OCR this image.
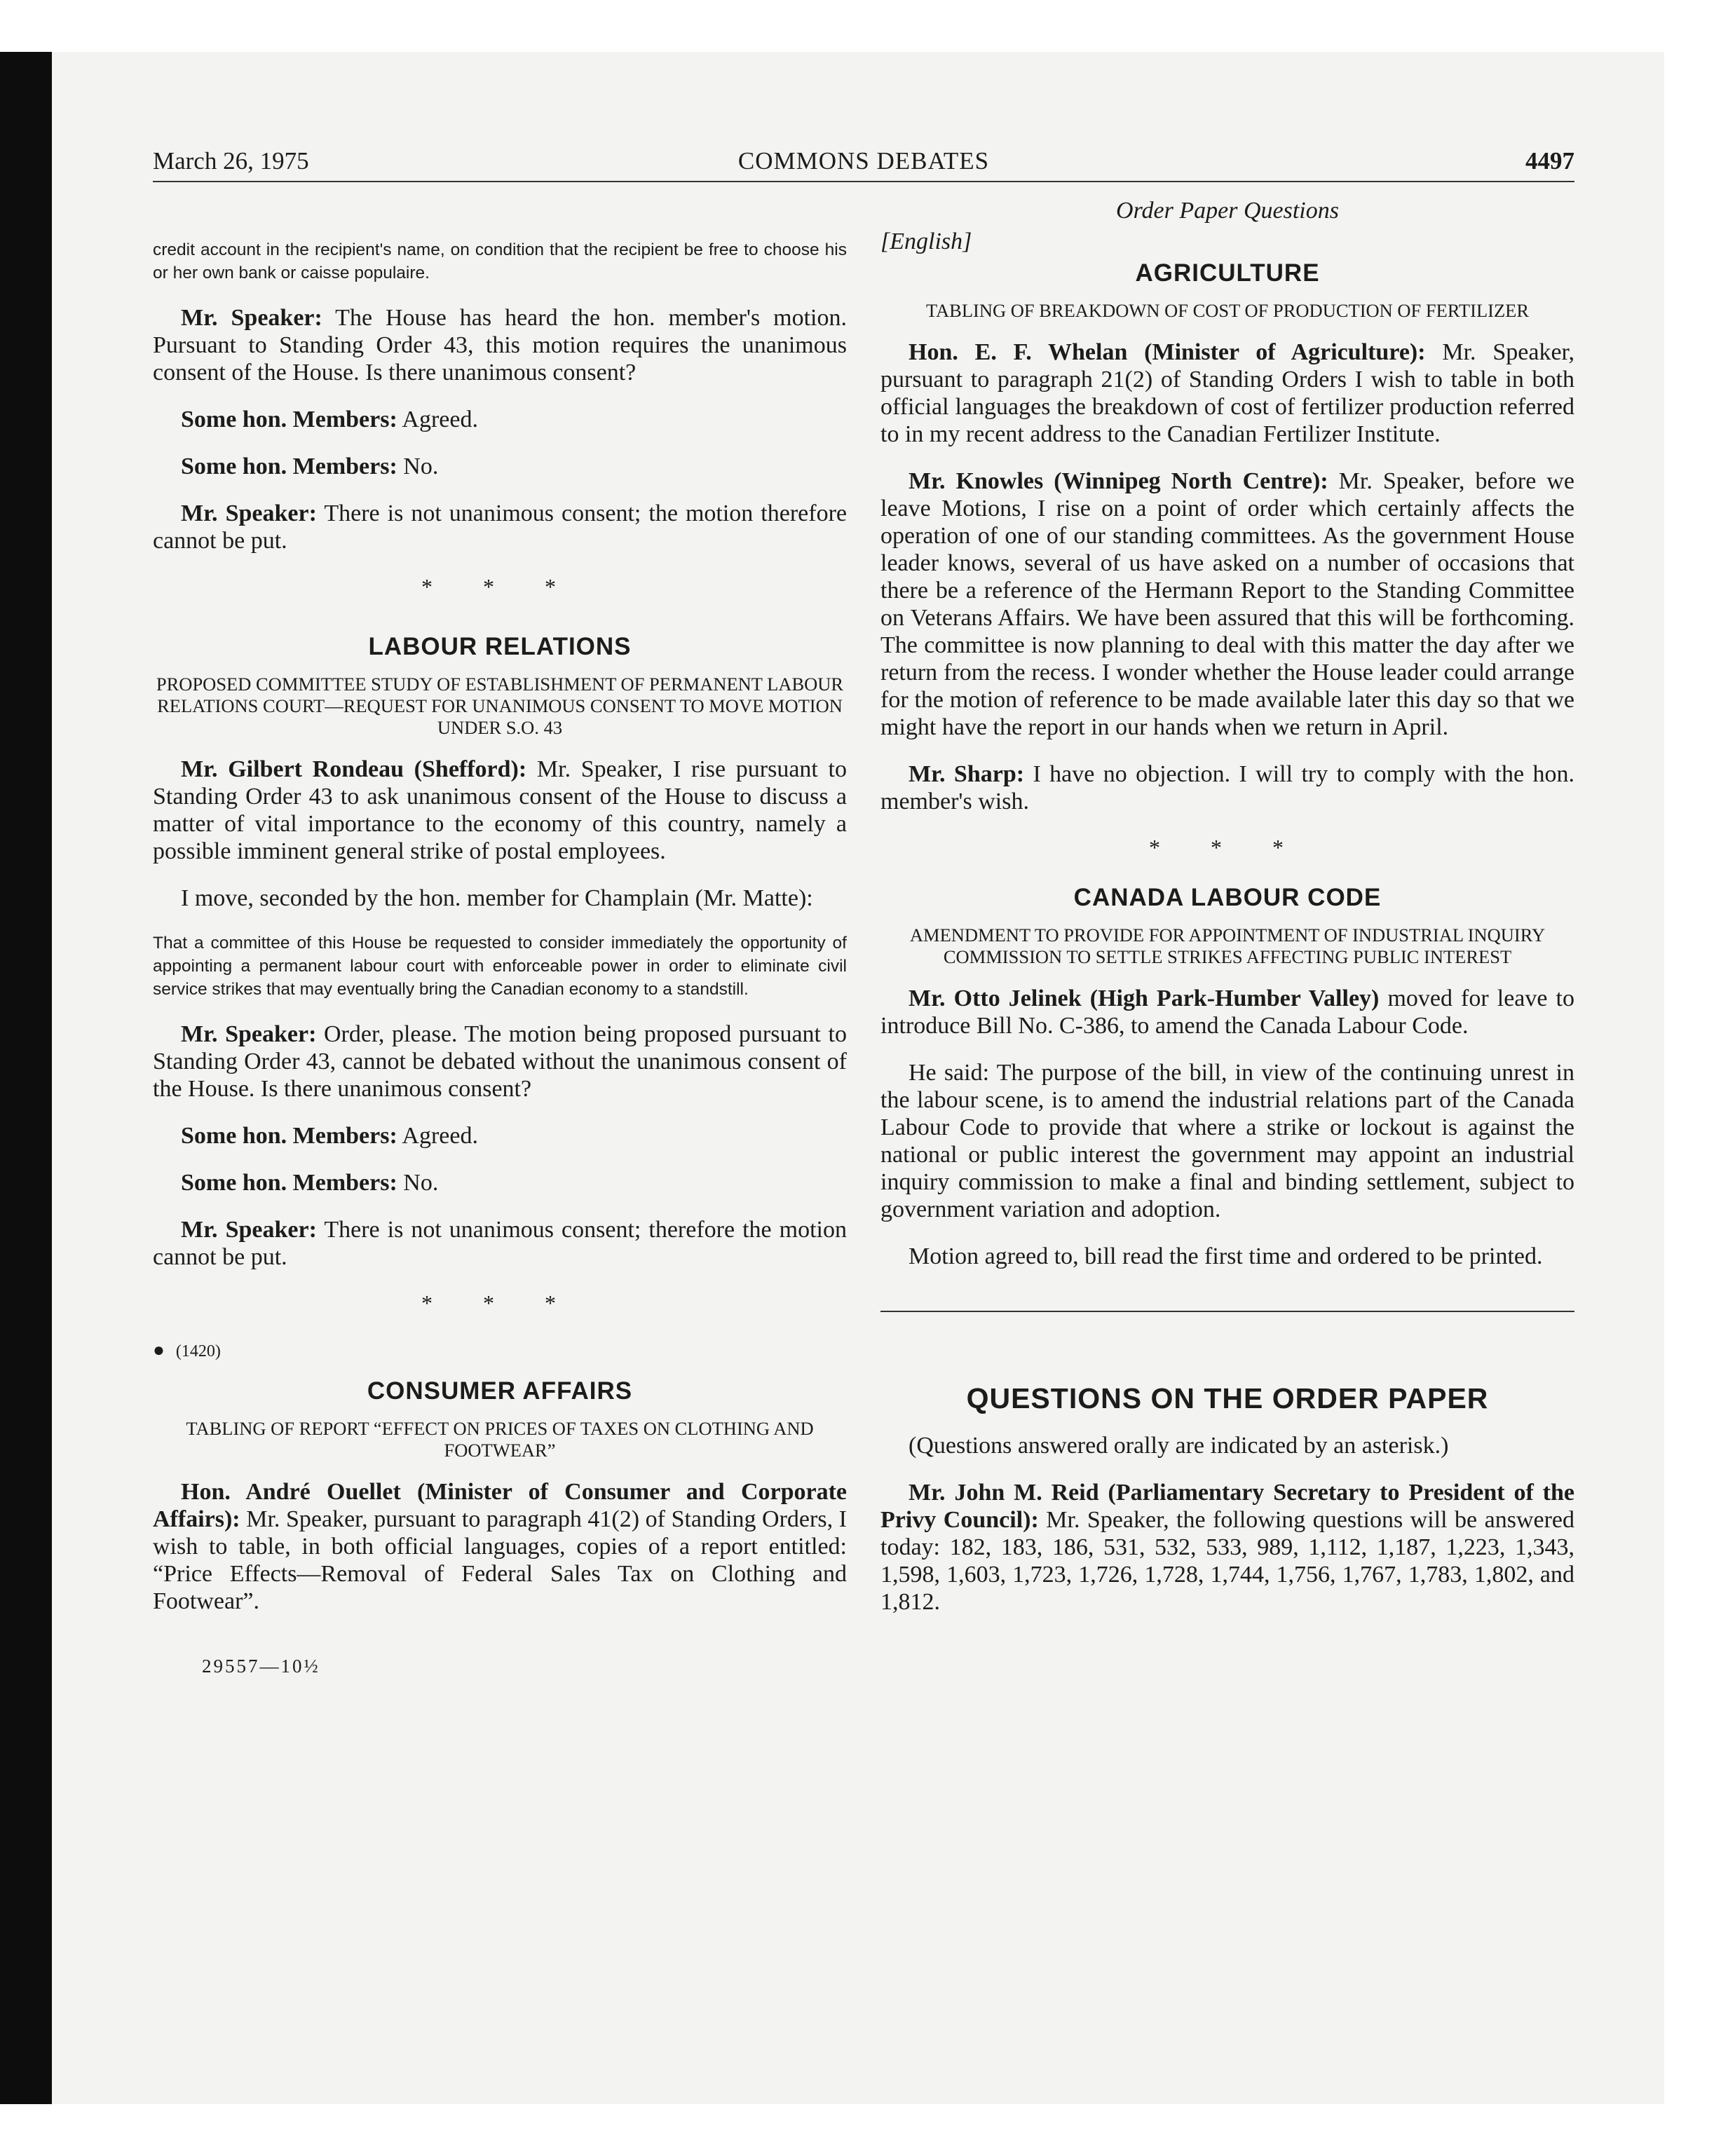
March 26, 1975	COMMONS DEBATES	4497

credit account in the recipient's name, on condition that the recipient be free to choose his or her own bank or caisse populaire.

Mr. Speaker: The House has heard the hon. member's motion. Pursuant to Standing Order 43, this motion requires the unanimous consent of the House. Is there unanimous consent?

Some hon. Members: Agreed.

Some hon. Members: No.

Mr. Speaker: There is not unanimous consent; the motion therefore cannot be put.

* * *
LABOUR RELATIONS
PROPOSED COMMITTEE STUDY OF ESTABLISHMENT OF PERMANENT LABOUR RELATIONS COURT—REQUEST FOR UNANIMOUS CONSENT TO MOVE MOTION UNDER S.O. 43

Mr. Gilbert Rondeau (Shefford): Mr. Speaker, I rise pursuant to Standing Order 43 to ask unanimous consent of the House to discuss a matter of vital importance to the economy of this country, namely a possible imminent general strike of postal employees.

I move, seconded by the hon. member for Champlain (Mr. Matte):

That a committee of this House be requested to consider immediately the opportunity of appointing a permanent labour court with enforceable power in order to eliminate civil service strikes that may eventually bring the Canadian economy to a standstill.

Mr. Speaker: Order, please. The motion being proposed pursuant to Standing Order 43, cannot be debated without the unanimous consent of the House. Is there unanimous consent?

Some hon. Members: Agreed.

Some hon. Members: No.

Mr. Speaker: There is not unanimous consent; therefore the motion cannot be put.

* * *
● (1420)
CONSUMER AFFAIRS
TABLING OF REPORT “EFFECT ON PRICES OF TAXES ON CLOTHING AND FOOTWEAR”

Hon. André Ouellet (Minister of Consumer and Corporate Affairs): Mr. Speaker, pursuant to paragraph 41(2) of Standing Orders, I wish to table, in both official languages, copies of a report entitled: “Price Effects—Removal of Federal Sales Tax on Clothing and Footwear”.

29557—10½
Order Paper Questions
[English]
AGRICULTURE
TABLING OF BREAKDOWN OF COST OF PRODUCTION OF FERTILIZER

Hon. E. F. Whelan (Minister of Agriculture): Mr. Speaker, pursuant to paragraph 21(2) of Standing Orders I wish to table in both official languages the breakdown of cost of fertilizer production referred to in my recent address to the Canadian Fertilizer Institute.

Mr. Knowles (Winnipeg North Centre): Mr. Speaker, before we leave Motions, I rise on a point of order which certainly affects the operation of one of our standing committees. As the government House leader knows, several of us have asked on a number of occasions that there be a reference of the Hermann Report to the Standing Committee on Veterans Affairs. We have been assured that this will be forthcoming. The committee is now planning to deal with this matter the day after we return from the recess. I wonder whether the House leader could arrange for the motion of reference to be made available later this day so that we might have the report in our hands when we return in April.

Mr. Sharp: I have no objection. I will try to comply with the hon. member's wish.

* * *
CANADA LABOUR CODE
AMENDMENT TO PROVIDE FOR APPOINTMENT OF INDUSTRIAL INQUIRY COMMISSION TO SETTLE STRIKES AFFECTING PUBLIC INTEREST

Mr. Otto Jelinek (High Park-Humber Valley) moved for leave to introduce Bill No. C-386, to amend the Canada Labour Code.

He said: The purpose of the bill, in view of the continuing unrest in the labour scene, is to amend the industrial relations part of the Canada Labour Code to provide that where a strike or lockout is against the national or public interest the government may appoint an industrial inquiry commission to make a final and binding settlement, subject to government variation and adoption.

Motion agreed to, bill read the first time and ordered to be printed.

QUESTIONS ON THE ORDER PAPER

(Questions answered orally are indicated by an asterisk.)

Mr. John M. Reid (Parliamentary Secretary to President of the Privy Council): Mr. Speaker, the following questions will be answered today: 182, 183, 186, 531, 532, 533, 989, 1,112, 1,187, 1,223, 1,343, 1,598, 1,603, 1,723, 1,726, 1,728, 1,744, 1,756, 1,767, 1,783, 1,802, and 1,812.
